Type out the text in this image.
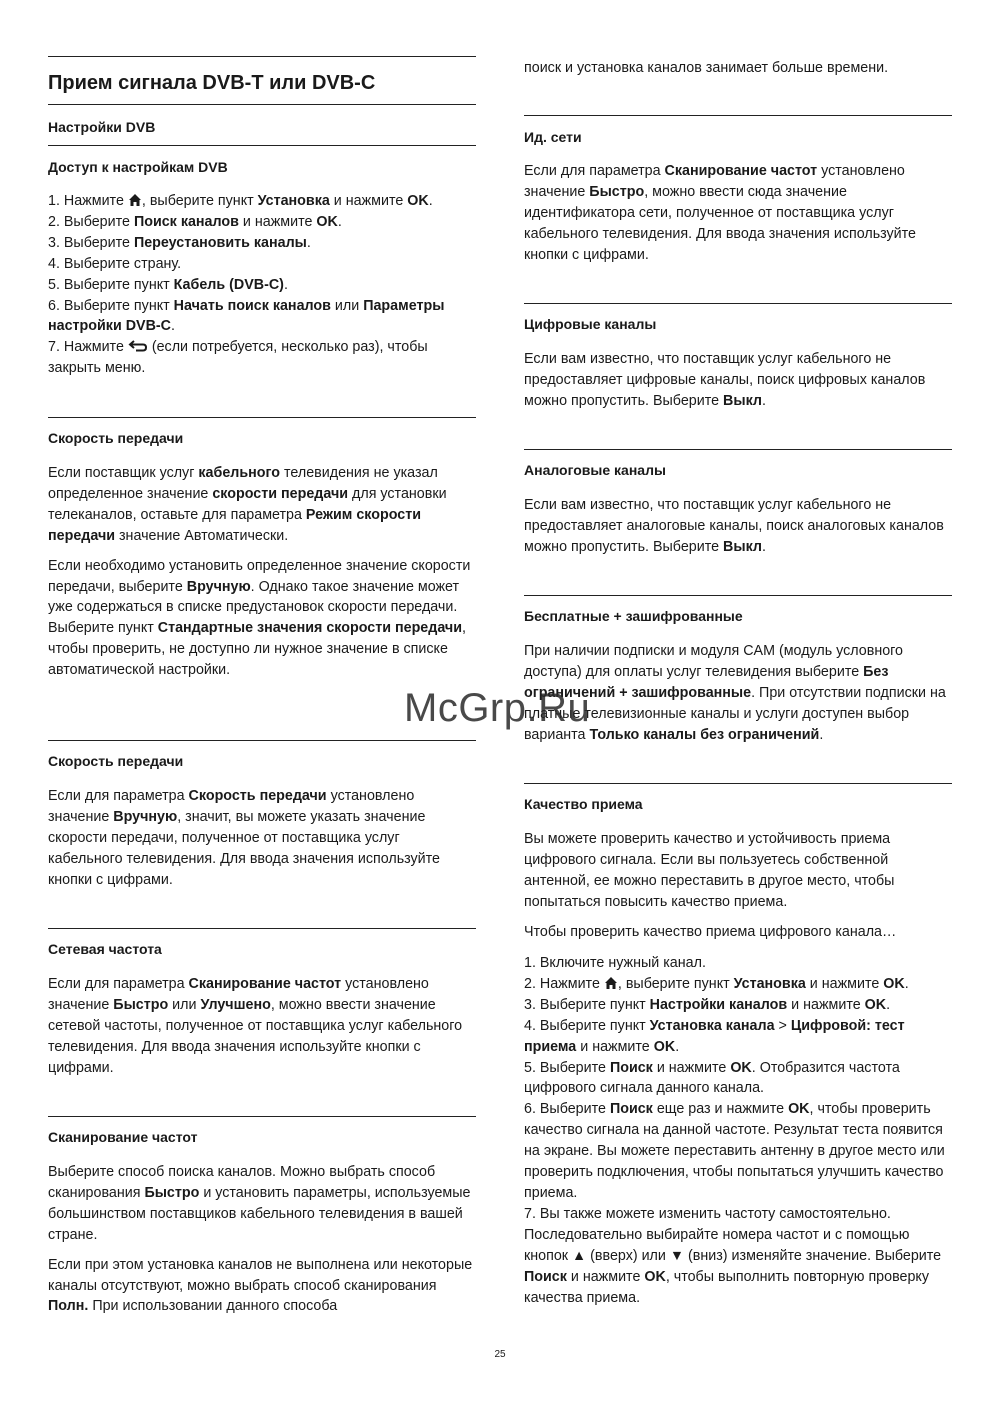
Прием сигнала DVB-T или DVB-C
Настройки DVB
Доступ к настройкам DVB
1. Нажмите , выберите пункт Установка и нажмите OK.
2. Выберите Поиск каналов и нажмите OK.
3. Выберите Переустановить каналы.
4. Выберите страну.
5. Выберите пункт Кабель (DVB-C).
6. Выберите пункт Начать поиск каналов или Параметры настройки DVB-C.
7. Нажмите  (если потребуется, несколько раз), чтобы закрыть меню.
Скорость передачи

Если поставщик услуг кабельного телевидения не указал определенное значение скорости передачи для установки телеканалов, оставьте для параметра Режим скорости передачи значение Автоматически.

Если необходимо установить определенное значение скорости передачи, выберите Вручную. Однако такое значение может уже содержаться в списке предустановок скорости передачи. Выберите пункт Стандартные значения скорости передачи, чтобы проверить, не доступно ли нужное значение в списке автоматической настройки.

Скорость передачи

Если для параметра Скорость передачи установлено значение Вручную, значит, вы можете указать значение скорости передачи, полученное от поставщика услуг кабельного телевидения. Для ввода значения используйте кнопки с цифрами.

Сетевая частота

Если для параметра Сканирование частот установлено значение Быстро или Улучшено, можно ввести значение сетевой частоты, полученное от поставщика услуг кабельного телевидения. Для ввода значения используйте кнопки с цифрами.

Сканирование частот

Выберите способ поиска каналов. Можно выбрать способ сканирования Быстро и установить параметры, используемые большинством поставщиков кабельного телевидения в вашей стране.

Если при этом установка каналов не выполнена или некоторые каналы отсутствуют, можно выбрать способ сканирования Полн. При использовании данного способа

поиск и установка каналов занимает больше времени.

Ид. сети

Если для параметра Сканирование частот установлено значение Быстро, можно ввести сюда значение идентификатора сети, полученное от поставщика услуг кабельного телевидения. Для ввода значения используйте кнопки с цифрами.

Цифровые каналы

Если вам известно, что поставщик услуг кабельного не предоставляет цифровые каналы, поиск цифровых каналов можно пропустить. Выберите Выкл.

Аналоговые каналы

Если вам известно, что поставщик услуг кабельного не предоставляет аналоговые каналы, поиск аналоговых каналов можно пропустить. Выберите Выкл.

Бесплатные + зашифрованные

При наличии подписки и модуля CAM (модуль условного доступа) для оплаты услуг телевидения выберите Без ограничений + зашифрованные. При отсутствии подписки на платные телевизионные каналы и услуги доступен выбор варианта Только каналы без ограничений.

Качество приема

Вы можете проверить качество и устойчивость приема цифрового сигнала. Если вы пользуетесь собственной антенной, ее можно переставить в другое место, чтобы попытаться повысить качество приема.

Чтобы проверить качество приема цифрового канала…

1. Включите нужный канал.
2. Нажмите , выберите пункт Установка и нажмите OK.
3. Выберите пункт Настройки каналов и нажмите OK.
4. Выберите пункт Установка канала > Цифровой: тест приема и нажмите OK.
5. Выберите Поиск и нажмите OK. Отобразится частота цифрового сигнала данного канала.
6. Выберите Поиск еще раз и нажмите OK, чтобы проверить качество сигнала на данной частоте. Результат теста появится на экране. Вы можете переставить антенну в другое место или проверить подключения, чтобы попытаться улучшить качество приема.
7. Вы также можете изменить частоту самостоятельно. Последовательно выбирайте номера частот и с помощью кнопок ▲ (вверх) или ▼ (вниз) изменяйте значение. Выберите Поиск и нажмите OK, чтобы выполнить повторную проверку качества приема.
McGrp.Ru
25
